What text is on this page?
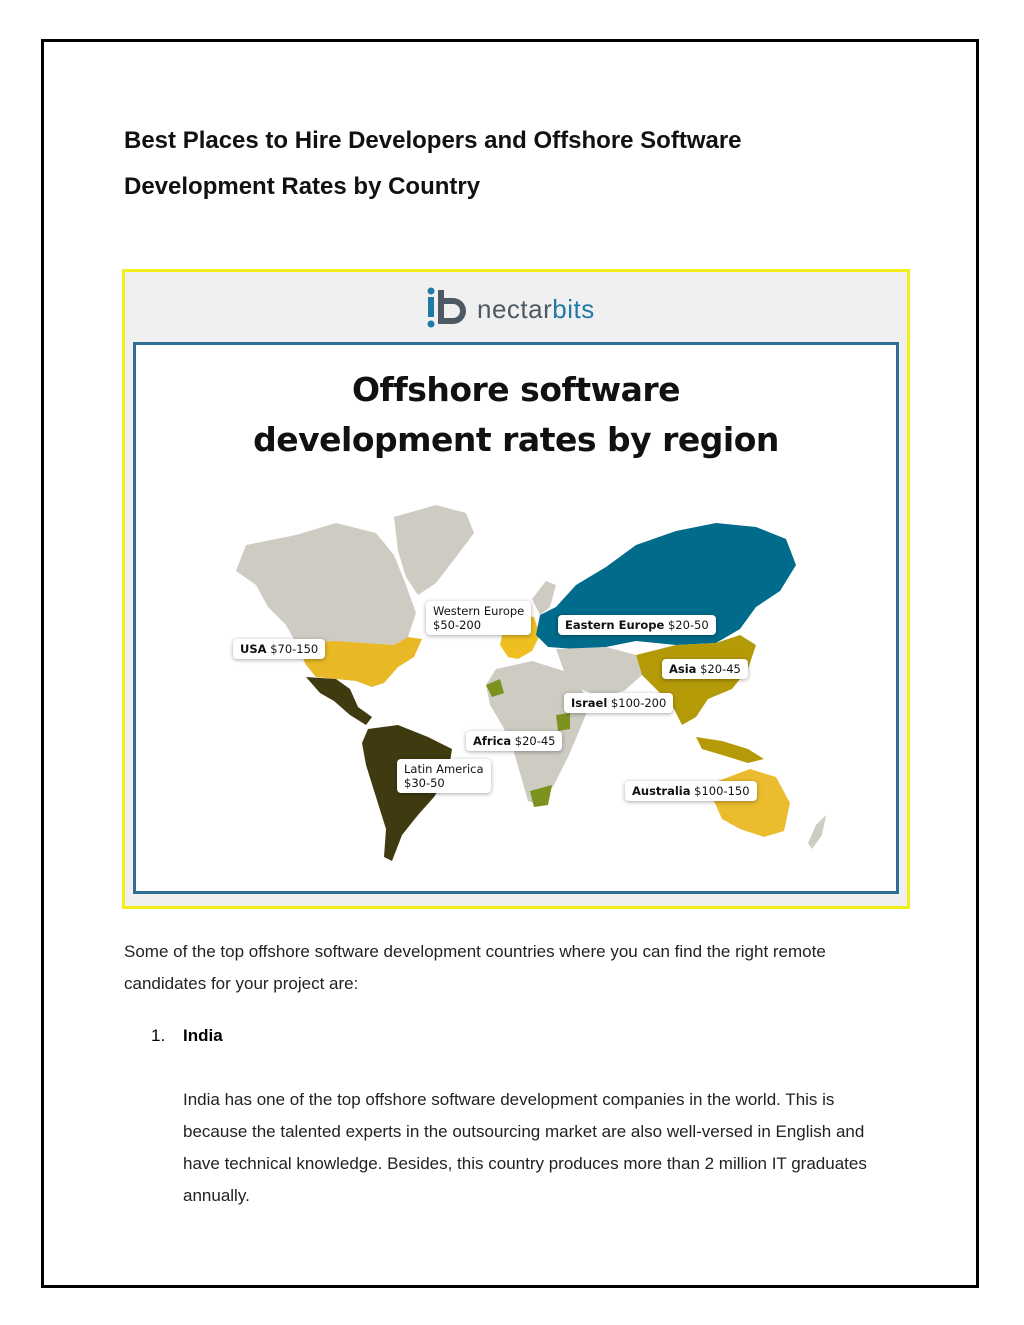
Best Places to Hire Developers and Offshore Software Development Rates by Country
nectarbits
Offshore software development rates by region
Western Europe
$50-200	Eastern Europe $20-50
USA $70-150
Asia $20-45
Israel $100-200
Africa $20-45
Latin America
$30-50
Australia $100-150

Some of the top offshore software development countries where you can find the right remote candidates for your project are:

1. India

India has one of the top offshore software development companies in the world. This is because the talented experts in the outsourcing market are also well-versed in English and have technical knowledge. Besides, this country produces more than 2 million IT graduates annually.
